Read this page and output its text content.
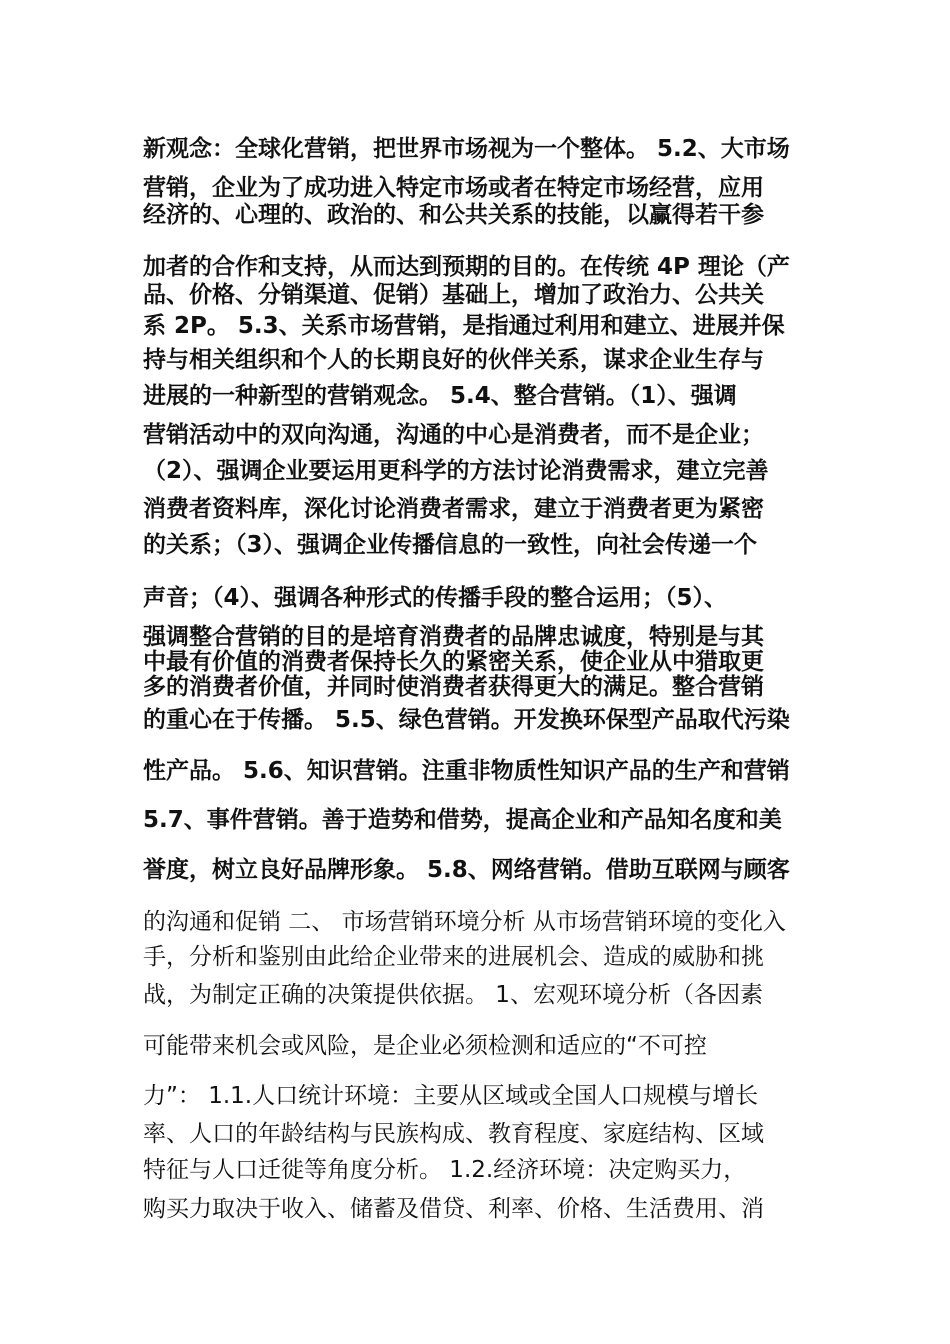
新观念：全球化营销，把世界市场视为一个整体。 5.2、大市场
营销，企业为了成功进入特定市场或者在特定市场经营，应用
经济的、心理的、政治的、和公共关系的技能，以赢得若干参
加者的合作和支持，从而达到预期的目的。在传统 4P 理论（产
品、价格、分销渠道、促销）基础上，增加了政治力、公共关
系 2P。 5.3、关系市场营销，是指通过利用和建立、进展并保
持与相关组织和个人的长期良好的伙伴关系，谋求企业生存与
进展的一种新型的营销观念。 5.4、整合营销。（1）、强调
营销活动中的双向沟通，沟通的中心是消费者，而不是企业；
（2）、强调企业要运用更科学的方法讨论消费需求，建立完善
消费者资料库，深化讨论消费者需求，建立于消费者更为紧密
的关系；（3）、强调企业传播信息的一致性，向社会传递一个
声音；（4）、强调各种形式的传播手段的整合运用；（5）、
强调整合营销的目的是培育消费者的品牌忠诚度，特别是与其
中最有价值的消费者保持长久的紧密关系，使企业从中猎取更
多的消费者价值，并同时使消费者获得更大的满足。整合营销
的重心在于传播。 5.5、绿色营销。开发换环保型产品取代污染
性产品。 5.6、知识营销。注重非物质性知识产品的生产和营销
5.7、事件营销。善于造势和借势，提高企业和产品知名度和美
誉度，树立良好品牌形象。 5.8、网络营销。借助互联网与顾客
的沟通和促销 二、 市场营销环境分析 从市场营销环境的变化入
手，分析和鉴别由此给企业带来的进展机会、造成的威胁和挑
战，为制定正确的决策提供依据。 1、宏观环境分析（各因素
可能带来机会或风险，是企业必须检测和适应的“不可控
力”： 1.1.人口统计环境：主要从区域或全国人口规模与增长
率、人口的年龄结构与民族构成、教育程度、家庭结构、区域
特征与人口迁徙等角度分析。 1.2.经济环境：决定购买力，
购买力取决于收入、储蓄及借贷、利率、价格、生活费用、消
